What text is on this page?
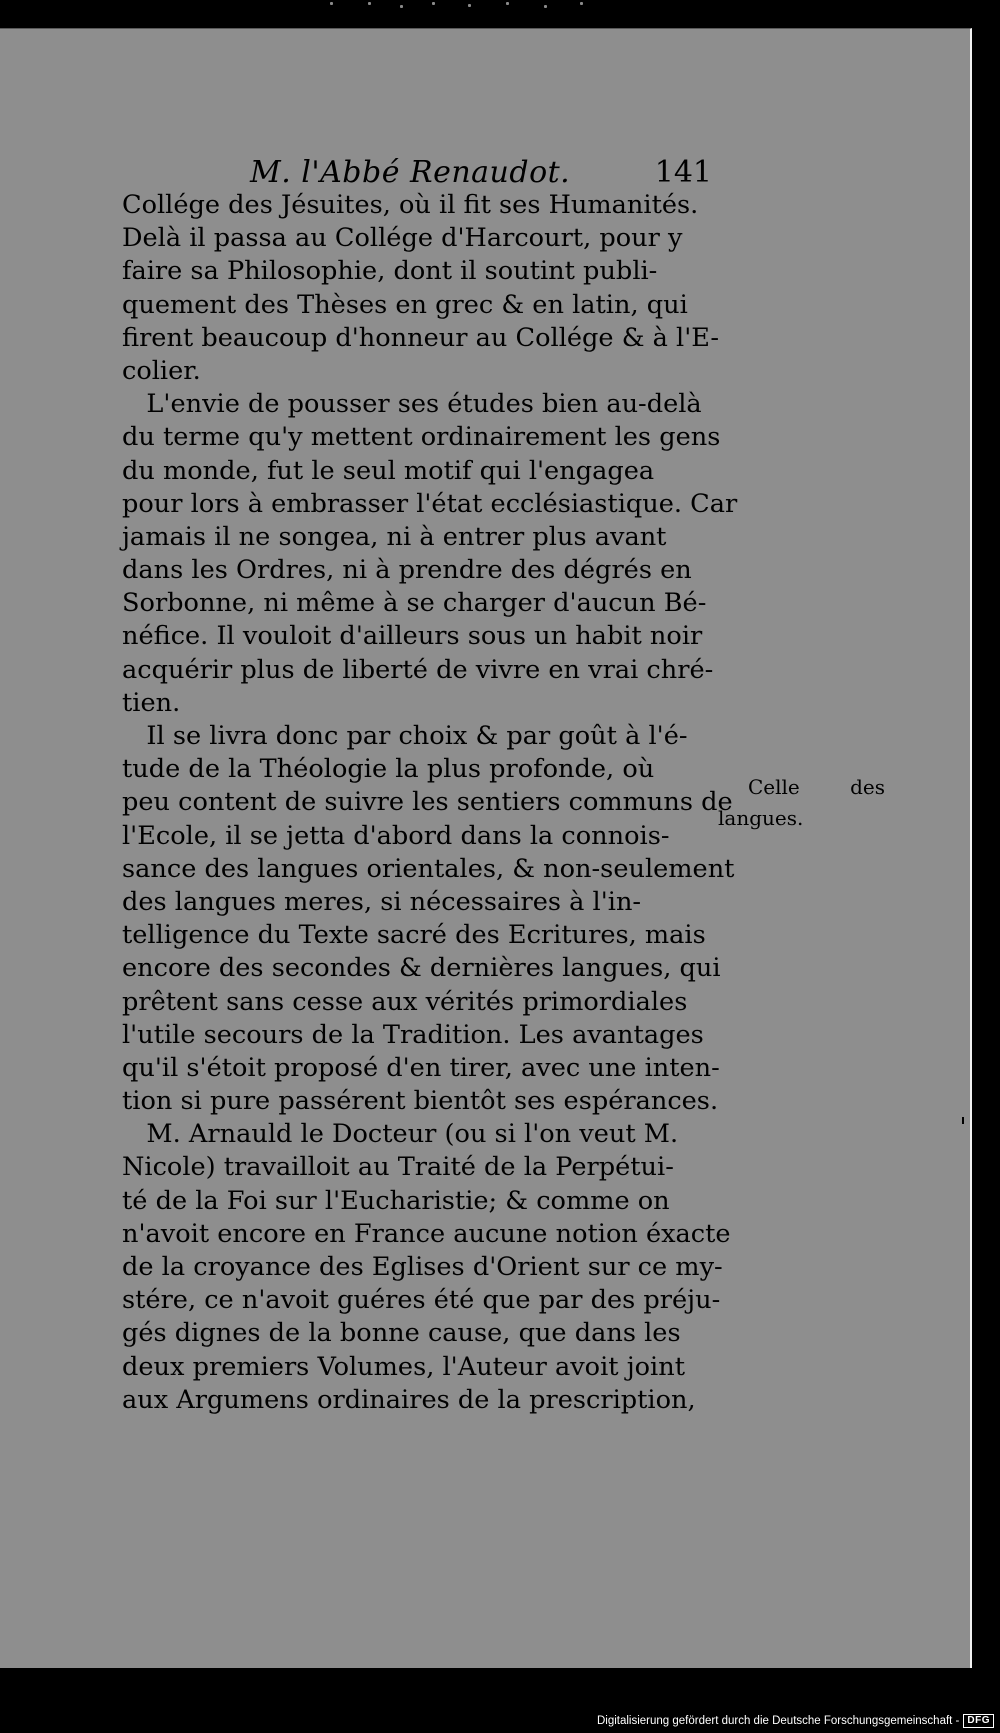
M. l'Abbé Renaudot.	141
Collége des Jésuites, où il fit ses Humanités.
Delà il passa au Collége d'Harcourt, pour y
faire sa Philosophie, dont il soutint publi-
quement des Thèses en grec & en latin, qui
firent beaucoup d'honneur au Collége & à l'E-
colier.
L'envie de pousser ses études bien au-delà
du terme qu'y mettent ordinairement les gens
du monde, fut le seul motif qui l'engagea
pour lors à embrasser l'état ecclésiastique. Car
jamais il ne songea, ni à entrer plus avant
dans les Ordres, ni à prendre des dégrés en
Sorbonne, ni même à se charger d'aucun Bé-
néfice. Il vouloit d'ailleurs sous un habit noir
acquérir plus de liberté de vivre en vrai chré-
tien.
Il se livra donc par choix & par goût à l'é-
tude de la Théologie la plus profonde, où
peu content de suivre les sentiers communs de
l'Ecole, il se jetta d'abord dans la connois-
sance des langues orientales, & non-seulement
des langues meres, si nécessaires à l'in-
telligence du Texte sacré des Ecritures, mais
encore des secondes & dernières langues, qui
prêtent sans cesse aux vérités primordiales
l'utile secours de la Tradition. Les avantages
qu'il s'étoit proposé d'en tirer, avec une inten-
tion si pure passérent bientôt ses espérances.
M. Arnauld le Docteur (ou si l'on veut M.
Nicole) travailloit au Traité de la Perpétui-
té de la Foi sur l'Eucharistie; & comme on
n'avoit encore en France aucune notion éxacte
de la croyance des Eglises d'Orient sur ce my-
stére, ce n'avoit guéres été que par des préju-
gés dignes de la bonne cause, que dans les
deux premiers Volumes, l'Auteur avoit joint
aux Argumens ordinaires de la prescription,
Celle des
langues.
Digitalisierung gefördert durch die Deutsche Forschungsgemeinschaft - DFG
